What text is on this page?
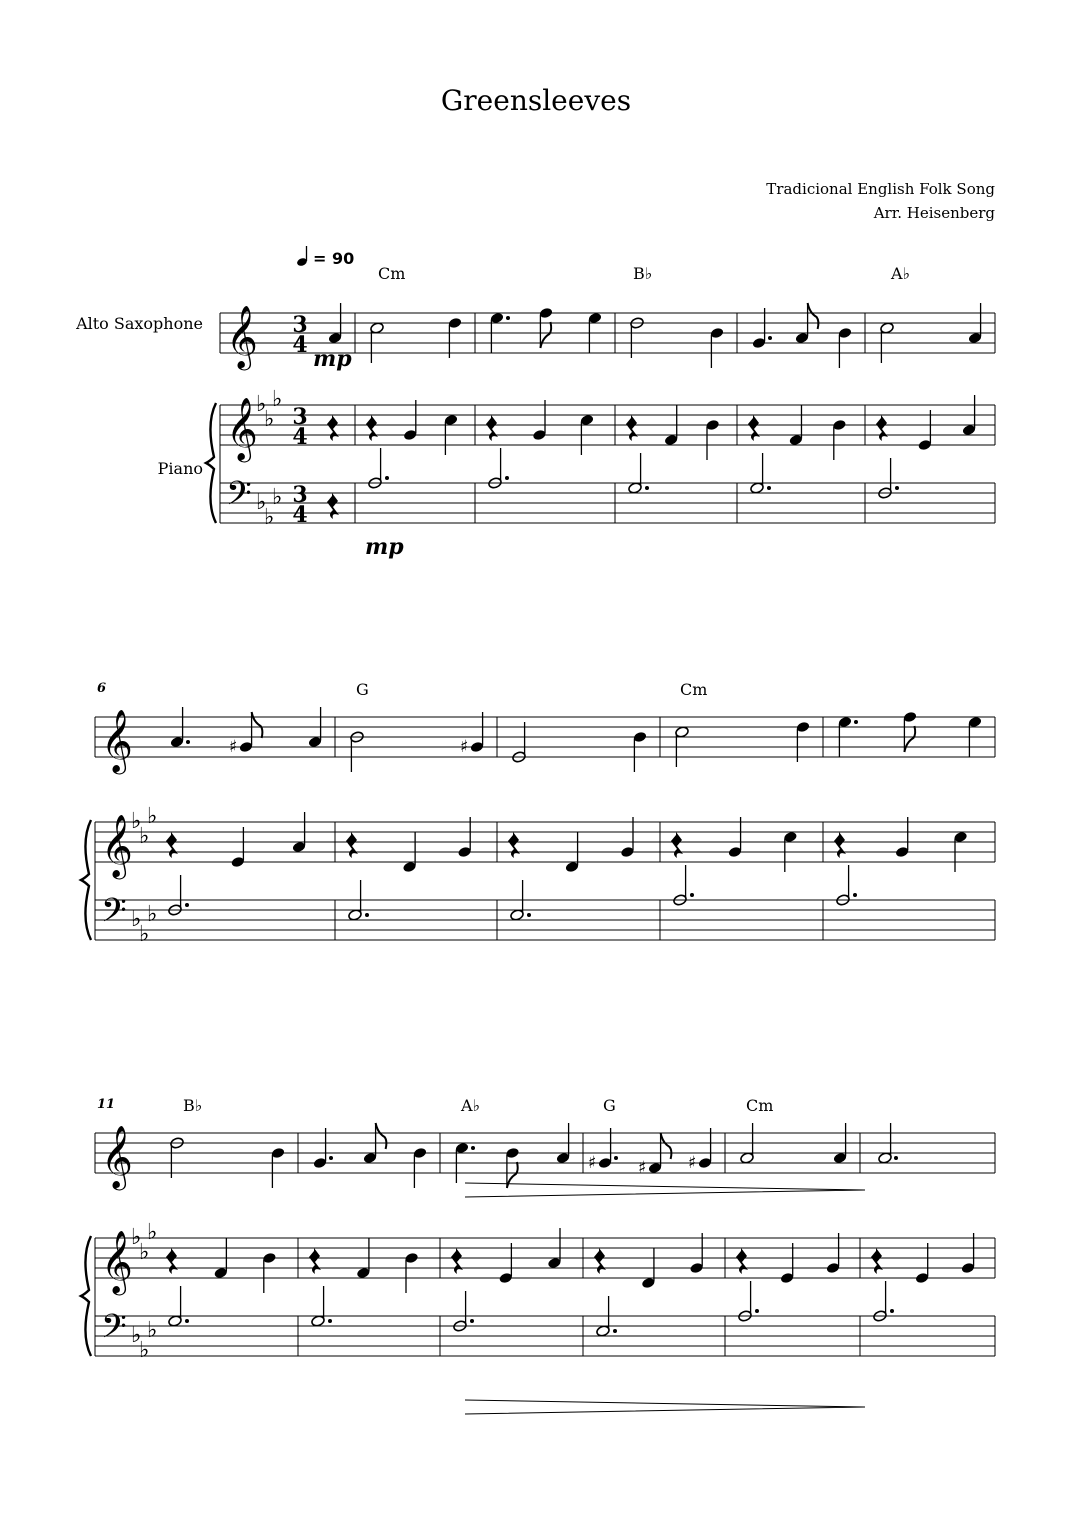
Greensleeves
Tradicional English Folk Song
Arr. Heisenberg
= 90
𝄞
𝄞
𝄢
♭
♭
♭
♭
♭
♭
3
4
3
4
3
4
Cm	B♭	A♭
𝄞
𝄞
𝄢
♭
♭
♭
♭
♭
♭
6	G	Cm
♯	♯
𝄞
𝄞
𝄢
♭
♭
♭
♭
♭
♭
11	B♭	A♭	G	Cm
♯ ♯ ♯
Alto Saxophone
Piano
mp
mp
